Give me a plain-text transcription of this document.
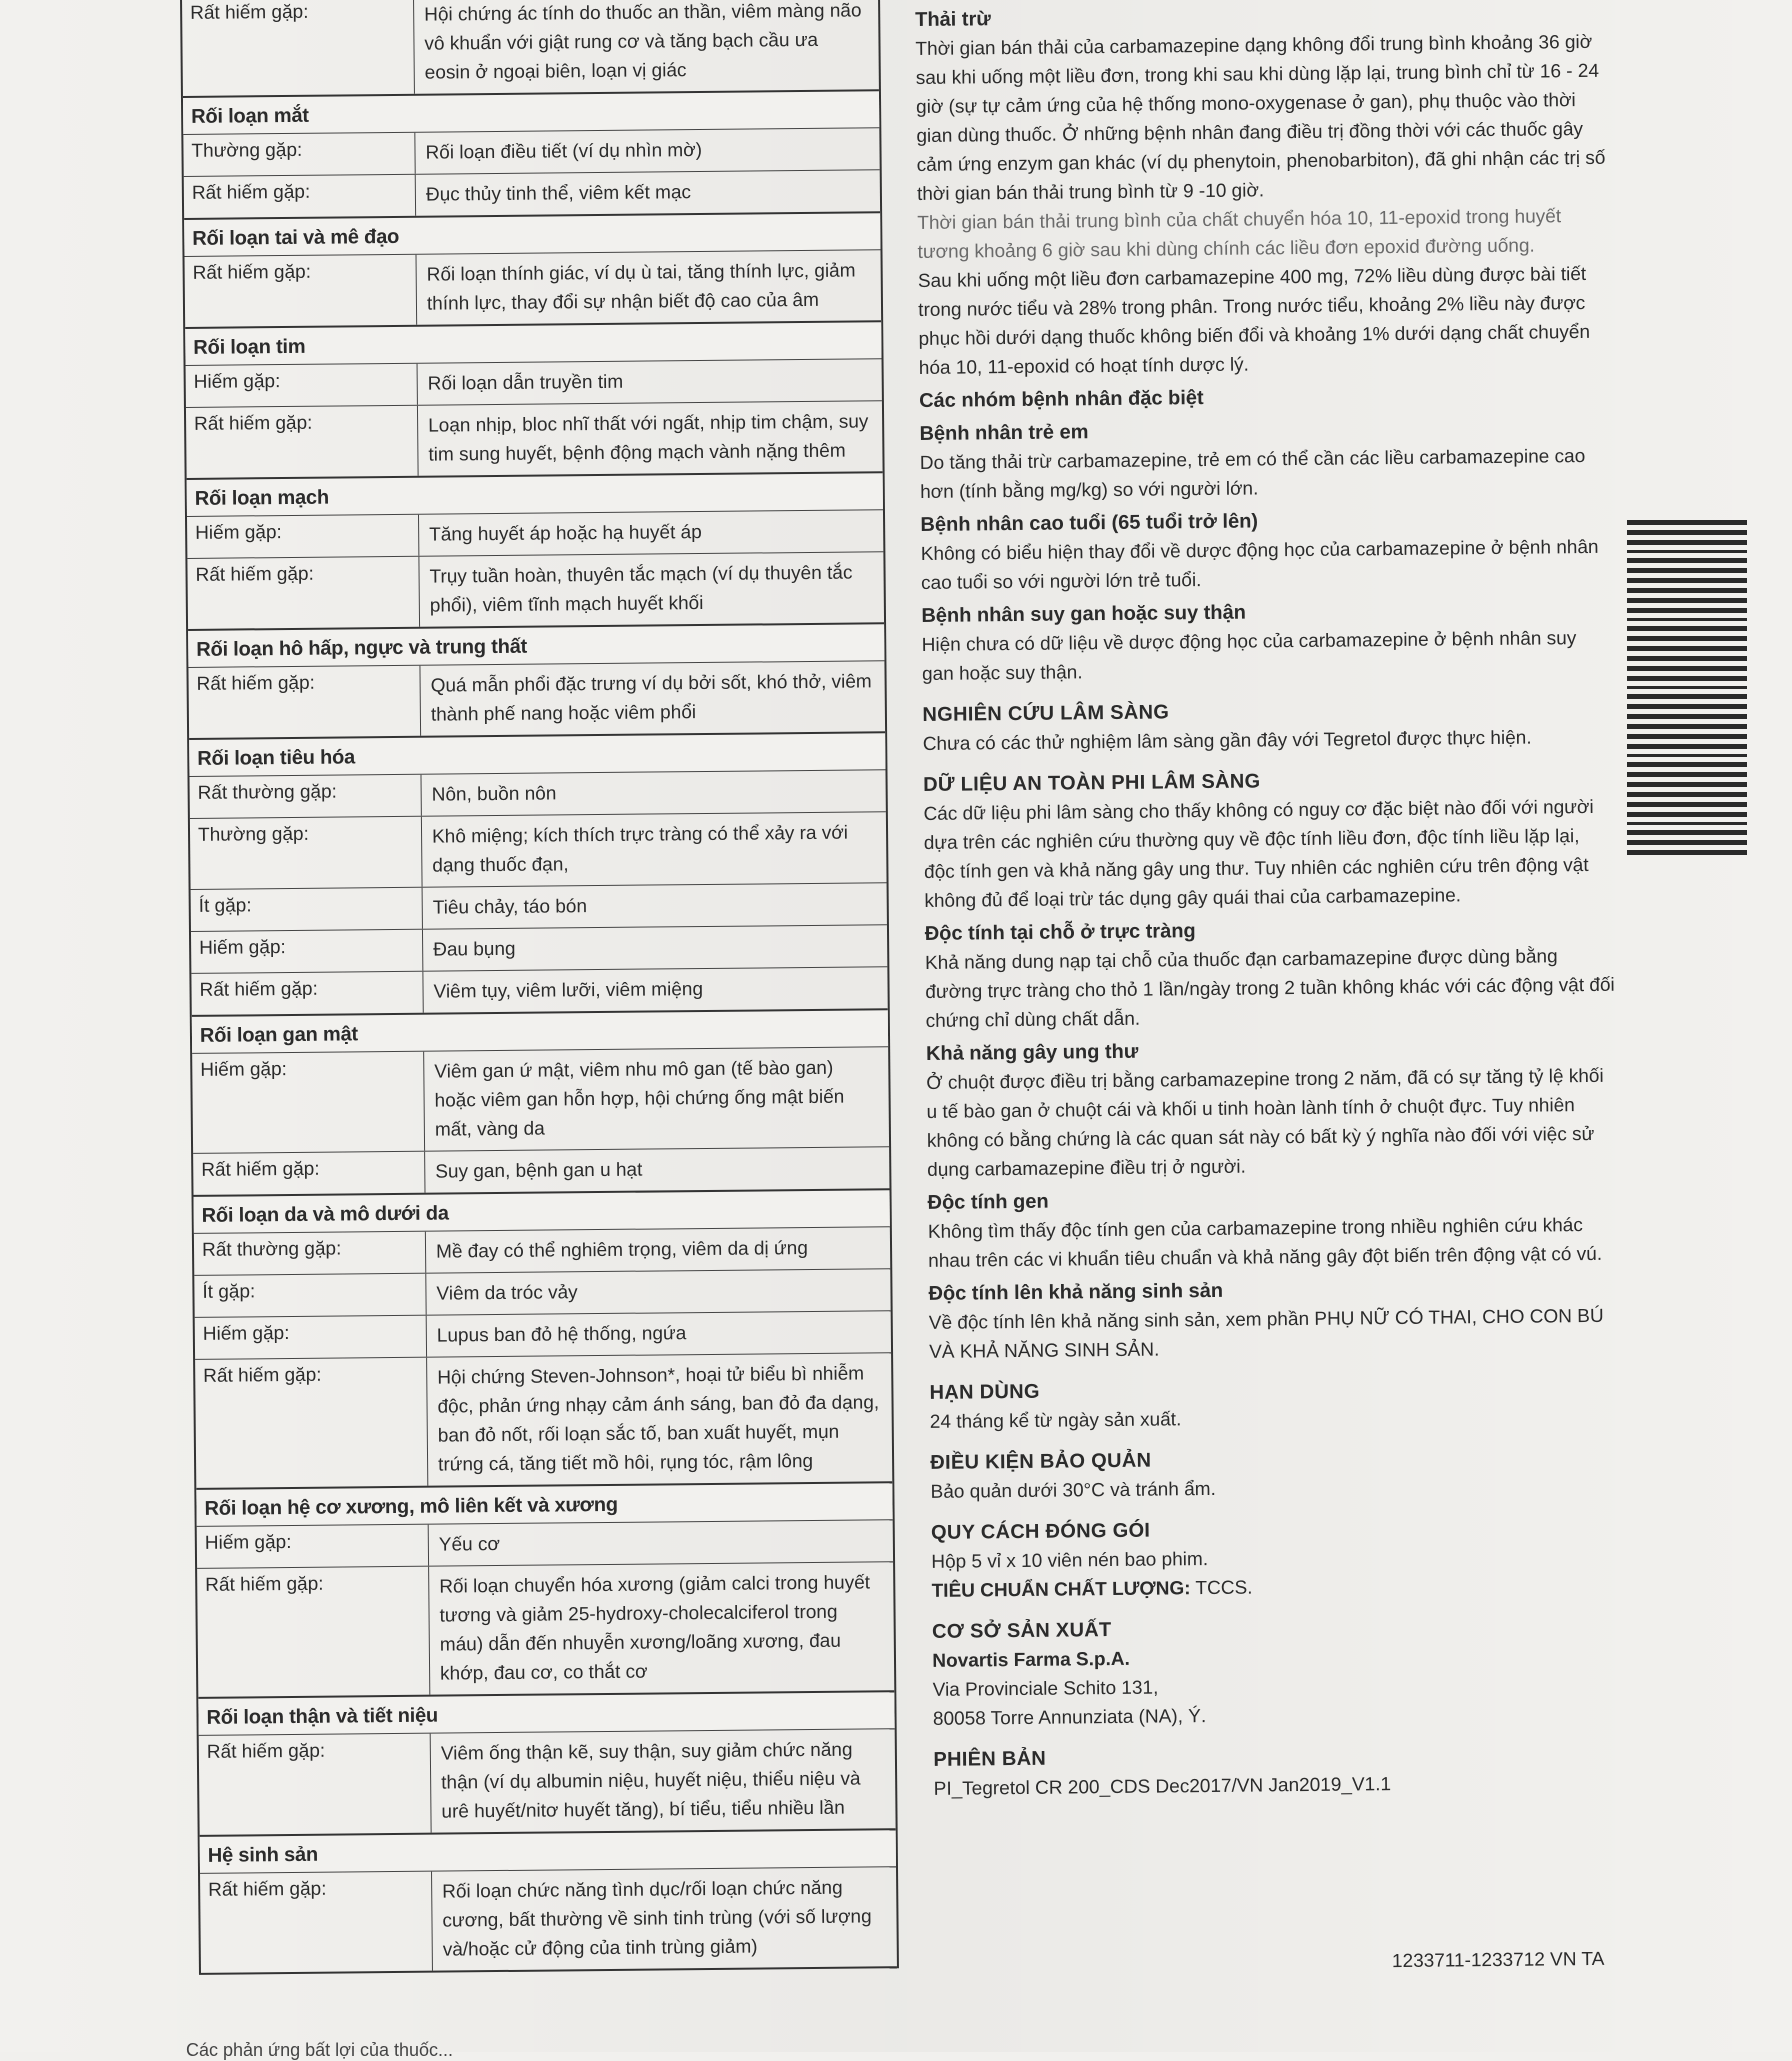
Rất hiếm gặp:	Hội chứng ác tính do thuốc an thần, viêm màng não vô khuẩn với giật rung cơ và tăng bạch cầu ưa eosin ở ngoại biên, loạn vị giác
Rối loạn mắt
Thường gặp:	Rối loạn điều tiết (ví dụ nhìn mờ)
Rất hiếm gặp:	Đục thủy tinh thể, viêm kết mạc
Rối loạn tai và mê đạo
Rất hiếm gặp:	Rối loạn thính giác, ví dụ ù tai, tăng thính lực, giảm thính lực, thay đổi sự nhận biết độ cao của âm
Rối loạn tim
Hiếm gặp:	Rối loạn dẫn truyền tim
Rất hiếm gặp:	Loạn nhịp, bloc nhĩ thất với ngất, nhịp tim chậm, suy tim sung huyết, bệnh động mạch vành nặng thêm
Rối loạn mạch
Hiếm gặp:	Tăng huyết áp hoặc hạ huyết áp
Rất hiếm gặp:	Trụy tuần hoàn, thuyên tắc mạch (ví dụ thuyên tắc phổi), viêm tĩnh mạch huyết khối
Rối loạn hô hấp, ngực và trung thất
Rất hiếm gặp:	Quá mẫn phổi đặc trưng ví dụ bởi sốt, khó thở, viêm thành phế nang hoặc viêm phổi
Rối loạn tiêu hóa
Rất thường gặp:	Nôn, buồn nôn
Thường gặp:	Khô miệng; kích thích trực tràng có thể xảy ra với dạng thuốc đạn,
Ít gặp:	Tiêu chảy, táo bón
Hiếm gặp:	Đau bụng
Rất hiếm gặp:	Viêm tụy, viêm lưỡi, viêm miệng
Rối loạn gan mật
Hiếm gặp:	Viêm gan ứ mật, viêm nhu mô gan (tế bào gan) hoặc viêm gan hỗn hợp, hội chứng ống mật biến mất, vàng da
Rất hiếm gặp:	Suy gan, bệnh gan u hạt
Rối loạn da và mô dưới da
Rất thường gặp:	Mề đay có thể nghiêm trọng, viêm da dị ứng
Ít gặp:	Viêm da tróc vảy
Hiếm gặp:	Lupus ban đỏ hệ thống, ngứa
Rất hiếm gặp:	Hội chứng Steven-Johnson*, hoại tử biểu bì nhiễm độc, phản ứng nhạy cảm ánh sáng, ban đỏ đa dạng, ban đỏ nốt, rối loạn sắc tố, ban xuất huyết, mụn trứng cá, tăng tiết mồ hôi, rụng tóc, rậm lông
Rối loạn hệ cơ xương, mô liên kết và xương
Hiếm gặp:	Yếu cơ
Rất hiếm gặp:	Rối loạn chuyển hóa xương (giảm calci trong huyết tương và giảm 25-hydroxy-cholecalciferol trong máu) dẫn đến nhuyễn xương/loãng xương, đau khớp, đau cơ, co thắt cơ
Rối loạn thận và tiết niệu
Rất hiếm gặp:	Viêm ống thận kẽ, suy thận, suy giảm chức năng thận (ví dụ albumin niệu, huyết niệu, thiểu niệu và urê huyết/nitơ huyết tăng), bí tiểu, tiểu nhiều lần
Hệ sinh sản
Rất hiếm gặp:	Rối loạn chức năng tình dục/rối loạn chức năng cương, bất thường về sinh tinh trùng (với số lượng và/hoặc cử động của tinh trùng giảm)
Các phản ứng bất lợi của thuốc...
Thải trừ

Thời gian bán thải của carbamazepine dạng không đổi trung bình khoảng 36 giờ sau khi uống một liều đơn, trong khi sau khi dùng lặp lại, trung bình chỉ từ 16 - 24 giờ (sự tự cảm ứng của hệ thống mono-oxygenase ở gan), phụ thuộc vào thời gian dùng thuốc. Ở những bệnh nhân đang điều trị đồng thời với các thuốc gây cảm ứng enzym gan khác (ví dụ phenytoin, phenobarbiton), đã ghi nhận các trị số thời gian bán thải trung bình từ 9 -10 giờ.

Thời gian bán thải trung bình của chất chuyển hóa 10, 11-epoxid trong huyết tương khoảng 6 giờ sau khi dùng chính các liều đơn epoxid đường uống.

Sau khi uống một liều đơn carbamazepine 400 mg, 72% liều dùng được bài tiết trong nước tiểu và 28% trong phân. Trong nước tiểu, khoảng 2% liều này được phục hồi dưới dạng thuốc không biến đổi và khoảng 1% dưới dạng chất chuyển hóa 10, 11-epoxid có hoạt tính dược lý.

Các nhóm bệnh nhân đặc biệt
Bệnh nhân trẻ em

Do tăng thải trừ carbamazepine, trẻ em có thể cần các liều carbamazepine cao hơn (tính bằng mg/kg) so với người lớn.

Bệnh nhân cao tuổi (65 tuổi trở lên)

Không có biểu hiện thay đổi về dược động học của carbamazepine ở bệnh nhân cao tuổi so với người lớn trẻ tuổi.

Bệnh nhân suy gan hoặc suy thận

Hiện chưa có dữ liệu về dược động học của carbamazepine ở bệnh nhân suy gan hoặc suy thận.

NGHIÊN CỨU LÂM SÀNG

Chưa có các thử nghiệm lâm sàng gần đây với Tegretol được thực hiện.

DỮ LIỆU AN TOÀN PHI LÂM SÀNG

Các dữ liệu phi lâm sàng cho thấy không có nguy cơ đặc biệt nào đối với người dựa trên các nghiên cứu thường quy về độc tính liều đơn, độc tính liều lặp lại, độc tính gen và khả năng gây ung thư. Tuy nhiên các nghiên cứu trên động vật không đủ để loại trừ tác dụng gây quái thai của carbamazepine.

Độc tính tại chỗ ở trực tràng

Khả năng dung nạp tại chỗ của thuốc đạn carbamazepine được dùng bằng đường trực tràng cho thỏ 1 lần/ngày trong 2 tuần không khác với các động vật đối chứng chỉ dùng chất dẫn.

Khả năng gây ung thư

Ở chuột được điều trị bằng carbamazepine trong 2 năm, đã có sự tăng tỷ lệ khối u tế bào gan ở chuột cái và khối u tinh hoàn lành tính ở chuột đực. Tuy nhiên không có bằng chứng là các quan sát này có bất kỳ ý nghĩa nào đối với việc sử dụng carbamazepine điều trị ở người.

Độc tính gen

Không tìm thấy độc tính gen của carbamazepine trong nhiều nghiên cứu khác nhau trên các vi khuẩn tiêu chuẩn và khả năng gây đột biến trên động vật có vú.

Độc tính lên khả năng sinh sản

Về độc tính lên khả năng sinh sản, xem phần PHỤ NỮ CÓ THAI, CHO CON BÚ VÀ KHẢ NĂNG SINH SẢN.

HẠN DÙNG

24 tháng kể từ ngày sản xuất.

ĐIỀU KIỆN BẢO QUẢN

Bảo quản dưới 30°C và tránh ẩm.

QUY CÁCH ĐÓNG GÓI

Hộp 5 vỉ x 10 viên nén bao phim.

TIÊU CHUẨN CHẤT LƯỢNG: TCCS.

CƠ SỞ SẢN XUẤT

Novartis Farma S.p.A.

Via Provinciale Schito 131,

80058 Torre Annunziata (NA), Ý.

PHIÊN BẢN

PI_Tegretol CR 200_CDS Dec2017/VN Jan2019_V1.1

1233711-1233712 VN TA
